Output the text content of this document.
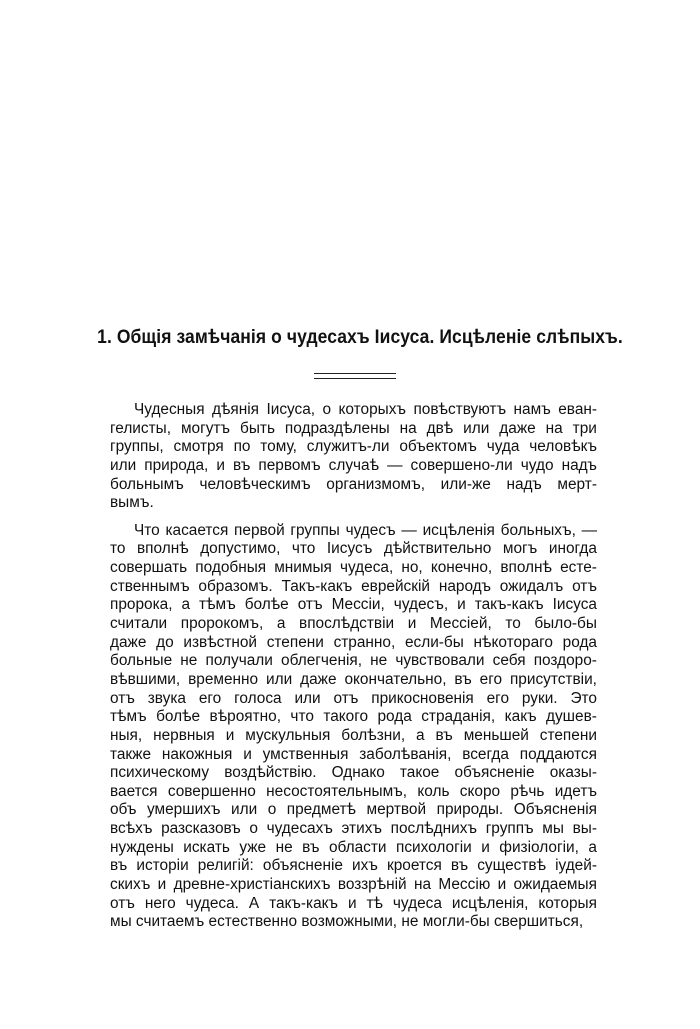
1. Общія замѣчанія о чудесахъ Іисуса. Исцѣленіе слѣпыхъ.
Чудесныя дѣянія Іисуса, о которыхъ повѣствуютъ намъ еван-
гелисты, могутъ быть подраздѣлены на двѣ или даже на три
группы, смотря по тому, служитъ-ли объектомъ чуда человѣкъ
или природа, и въ первомъ случаѣ — совершено-ли чудо надъ
больнымъ человѣческимъ организмомъ, или-же надъ мерт-
вымъ.
Что касается первой группы чудесъ — исцѣленія больныхъ, —
то вполнѣ допустимо, что Іисусъ дѣйствительно могъ иногда
совершать подобныя мнимыя чудеса, но, конечно, вполнѣ есте-
ственнымъ образомъ. Такъ-какъ еврейскій народъ ожидалъ отъ
пророка, а тѣмъ болѣе отъ Мессіи, чудесъ, и такъ-какъ Іисуса
считали пророкомъ, а впослѣдствіи и Мессіей, то было-бы
даже до извѣстной степени странно, если-бы нѣкотораго рода
больные не получали облегченія, не чувствовали себя поздоро-
вѣвшими, временно или даже окончательно, въ его присутствіи,
отъ звука его голоса или отъ прикосновенія его руки. Это
тѣмъ болѣе вѣроятно, что такого рода страданія, какъ душев-
ныя, нервныя и мускульныя болѣзни, а въ меньшей степени
также накожныя и умственныя заболѣванія, всегда поддаются
психическому воздѣйствію. Однако такое объясненіе оказы-
вается совершенно несостоятельнымъ, коль скоро рѣчь идетъ
объ умершихъ или о предметѣ мертвой природы. Объясненія
всѣхъ разсказовъ о чудесахъ этихъ послѣднихъ группъ мы вы-
нуждены искать уже не въ области психологіи и физіологіи, а
въ исторіи религій: объясненіе ихъ кроется въ существѣ іудей-
скихъ и древне-христіанскихъ воззрѣній на Мессію и ожидаемыя
отъ него чудеса. А такъ-какъ и тѣ чудеса исцѣленія, которыя
мы считаемъ естественно возможными, не могли-бы свершиться,
